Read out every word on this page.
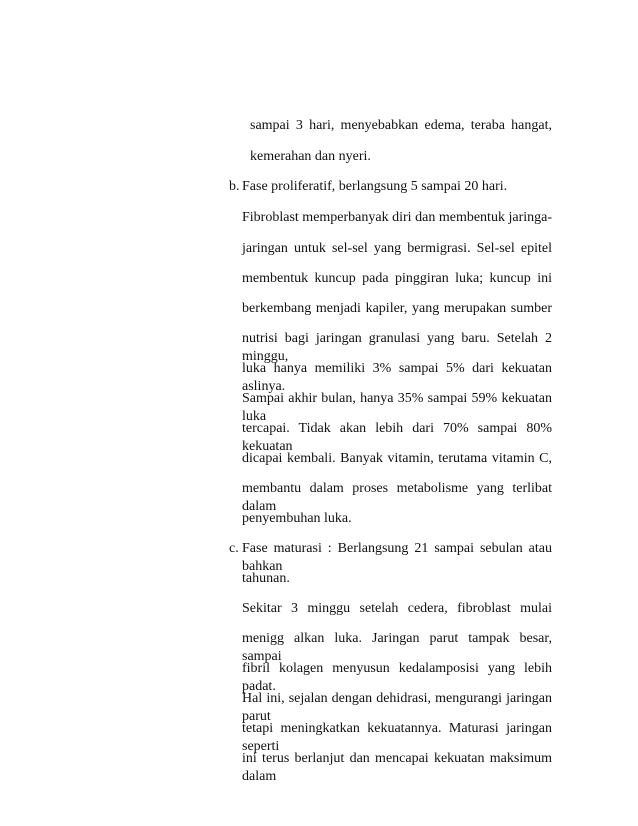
sampai 3 hari, menyebabkan edema, teraba hangat,

kemerahan dan nyeri.

b. Fase proliferatif, berlangsung 5 sampai 20 hari.

Fibroblast memperbanyak diri dan membentuk jaringa-

jaringan untuk sel-sel yang bermigrasi. Sel-sel epitel

membentuk kuncup pada pinggiran luka; kuncup ini

berkembang menjadi kapiler, yang merupakan sumber

nutrisi bagi jaringan granulasi yang baru. Setelah 2 minggu,

luka hanya memiliki 3% sampai 5% dari kekuatan aslinya.

Sampai akhir bulan, hanya 35% sampai 59% kekuatan luka

tercapai. Tidak akan lebih dari 70% sampai 80% kekuatan

dicapai kembali. Banyak vitamin, terutama vitamin C,

membantu dalam proses metabolisme yang terlibat dalam

penyembuhan luka.

c. Fase maturasi : Berlangsung 21 sampai sebulan atau bahkan

tahunan.

Sekitar 3 minggu setelah cedera, fibroblast mulai

menigg alkan luka. Jaringan parut tampak besar, sampai

fibril kolagen menyusun kedalamposisi yang lebih padat.

Hal ini, sejalan dengan dehidrasi, mengurangi jaringan parut

tetapi meningkatkan kekuatannya. Maturasi jaringan seperti

ini terus berlanjut dan mencapai kekuatan maksimum dalam
